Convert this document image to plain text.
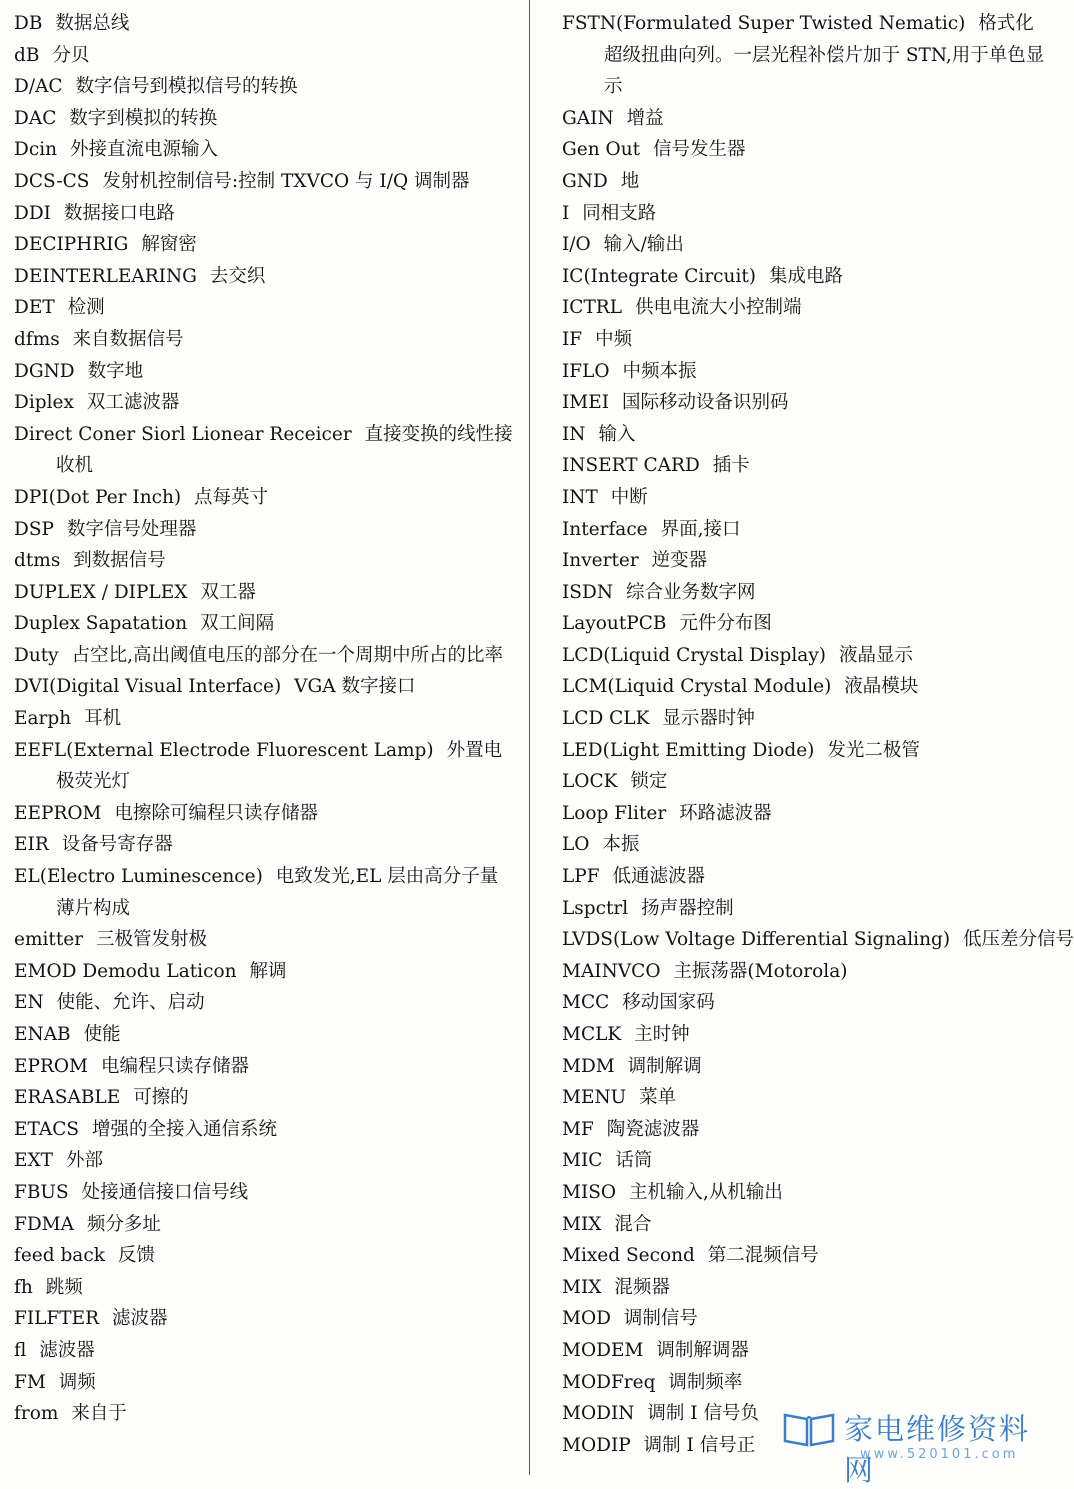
DB 数据总线
dB 分贝
D/AC 数字信号到模拟信号的转换
DAC 数字到模拟的转换
Dcin 外接直流电源输入
DCS-CS 发射机控制信号:控制 TXVCO 与 I/Q 调制器
DDI 数据接口电路
DECIPHRIG 解窗密
DEINTERLEARING 去交织
DET 检测
dfms 来自数据信号
DGND 数字地
Diplex 双工滤波器
Direct Coner Siorl Lionear Receicer 直接变换的线性接收机
DPI(Dot Per Inch) 点每英寸
DSP 数字信号处理器
dtms 到数据信号
DUPLEX / DIPLEX 双工器
Duplex Sapatation 双工间隔
Duty 占空比,高出阈值电压的部分在一个周期中所占的比率
DVI(Digital Visual Interface) VGA 数字接口
Earph 耳机
EEFL(External Electrode Fluorescent Lamp) 外置电极荧光灯
EEPROM 电擦除可编程只读存储器
EIR 设备号寄存器
EL(Electro Luminescence) 电致发光,EL 层由高分子量薄片构成
emitter 三极管发射极
EMOD Demodu Laticon 解调
EN 使能、允许、启动
ENAB 使能
EPROM 电编程只读存储器
ERASABLE 可擦的
ETACS 增强的全接入通信系统
EXT 外部
FBUS 处接通信接口信号线
FDMA 频分多址
feed back 反馈
fh 跳频
FILFTER 滤波器
fl 滤波器
FM 调频
from 来自于
FSTN(Formulated Super Twisted Nematic) 格式化超级扭曲向列。一层光程补偿片加于 STN,用于单色显示
GAIN 增益
Gen Out 信号发生器
GND 地
I 同相支路
I/O 输入/输出
IC(Integrate Circuit) 集成电路
ICTRL 供电电流大小控制端
IF 中频
IFLO 中频本振
IMEI 国际移动设备识别码
IN 输入
INSERT CARD 插卡
INT 中断
Interface 界面,接口
Inverter 逆变器
ISDN 综合业务数字网
LayoutPCB 元件分布图
LCD(Liquid Crystal Display) 液晶显示
LCM(Liquid Crystal Module) 液晶模块
LCD CLK 显示器时钟
LED(Light Emitting Diode) 发光二极管
LOCK 锁定
Loop Fliter 环路滤波器
LO 本振
LPF 低通滤波器
Lspctrl 扬声器控制
LVDS(Low Voltage Differential Signaling) 低压差分信号
MAINVCO 主振荡器(Motorola)
MCC 移动国家码
MCLK 主时钟
MDM 调制解调
MENU 菜单
MF 陶瓷滤波器
MIC 话筒
MISO 主机输入,从机输出
MIX 混合
Mixed Second 第二混频信号
MIX 混频器
MOD 调制信号
MODEM 调制解调器
MODFreq 调制频率
MODIN 调制 I 信号负
MODIP 调制 I 信号正	家电维修资料网
www.520101.com
